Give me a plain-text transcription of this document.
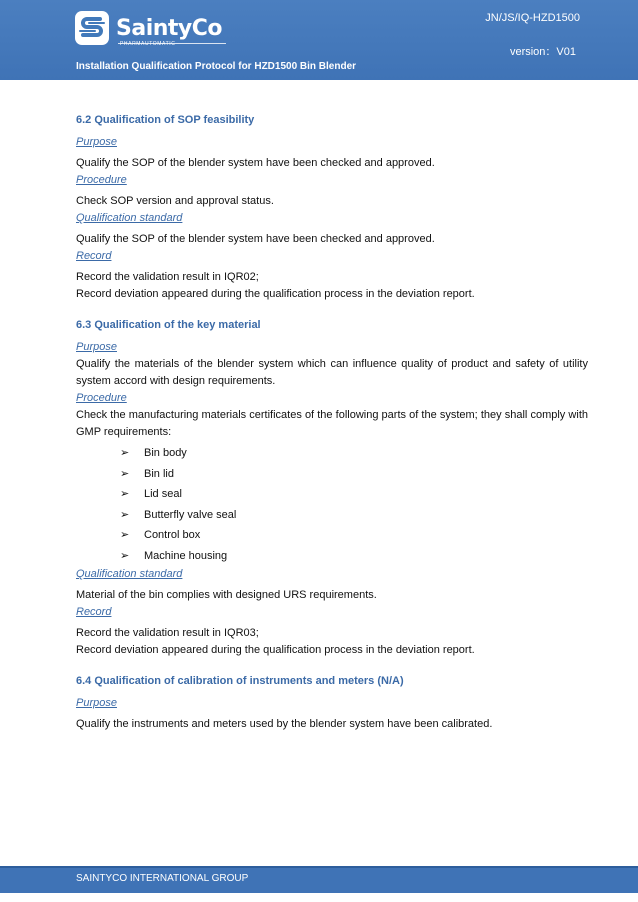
SaintyCo
PHARMAUTOMATIC
JN/JS/IQ-HZD1500
version：V01
Installation Qualification Protocol for HZD1500 Bin Blender
6.2 Qualification of SOP feasibility
Purpose
Qualify the SOP of the blender system have been checked and approved.
Procedure
Check SOP version and approval status.
Qualification standard
Qualify the SOP of the blender system have been checked and approved.
Record
Record the validation result in IQR02;
Record deviation appeared during the qualification process in the deviation report.
6.3 Qualification of the key material
Purpose
Qualify the materials of the blender system which can influence quality of product and safety of utility system accord with design requirements.
Procedure
Check the manufacturing materials certificates of the following parts of the system; they shall comply with GMP requirements:
➢ Bin body
➢ Bin lid
➢ Lid seal
➢ Butterfly valve seal
➢ Control box
➢ Machine housing
Qualification standard
Material of the bin complies with designed URS requirements.
Record
Record the validation result in IQR03;
Record deviation appeared during the qualification process in the deviation report.
6.4 Qualification of calibration of instruments and meters (N/A)
Purpose
Qualify the instruments and meters used by the blender system have been calibrated.
SAINTYCO INTERNATIONAL GROUP
